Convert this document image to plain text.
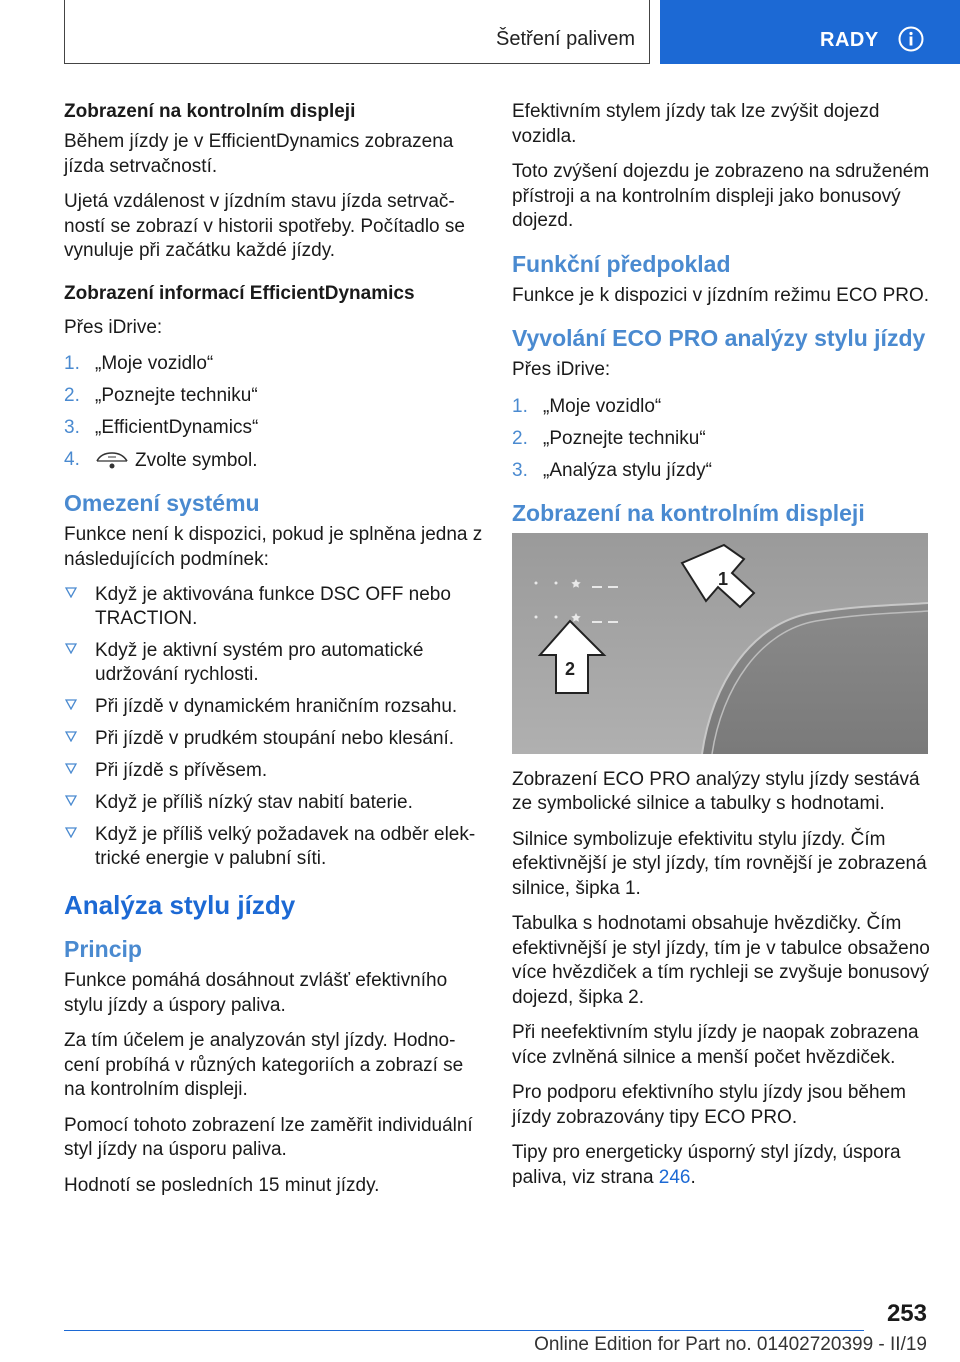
Šetření palivem	RADY
Zobrazení na kontrolním displeji

Během jízdy je v EfficientDynamics zobrazena jízda setrvačností.

Ujetá vzdálenost v jízdním stavu jízda setrvačností se zobrazí v historii spotřeby. Počítadlo se vynuluje při začátku každé jízdy.

Zobrazení informací EfficientDynamics

Přes iDrive:

1. „Moje vozidlo“
2. „Poznejte techniku“
3. „EfficientDynamics“
4.	Zvolte symbol.
Omezení systému

Funkce není k dispozici, pokud je splněna jedna z následujících podmínek:

Když je aktivována funkce DSC OFF nebo TRACTION.
Když je aktivní systém pro automatické udržování rychlosti.
Při jízdě v dynamickém hraničním rozsahu.
Při jízdě v prudkém stoupání nebo klesání.
Při jízdě s přívěsem.
Když je příliš nízký stav nabití baterie.
Když je příliš velký požadavek na odběr elektrické energie v palubní síti.
Analýza stylu jízdy
Princip

Funkce pomáhá dosáhnout zvlášť efektivního stylu jízdy a úspory paliva.

Za tím účelem je analyzován styl jízdy. Hodnocení probíhá v různých kategoriích a zobrazí se na kontrolním displeji.

Pomocí tohoto zobrazení lze zaměřit individuální styl jízdy na úsporu paliva.

Hodnotí se posledních 15 minut jízdy.

Efektivním stylem jízdy tak lze zvýšit dojezd vozidla.

Toto zvýšení dojezdu je zobrazeno na sdruženém přístroji a na kontrolním displeji jako bonusový dojezd.

Funkční předpoklad

Funkce je k dispozici v jízdním režimu ECO PRO.

Vyvolání ECO PRO analýzy stylu jízdy

Přes iDrive:

1. „Moje vozidlo“
2. „Poznejte techniku“
3. „Analýza stylu jízdy“
Zobrazení na kontrolním displeji
1
2

Zobrazení ECO PRO analýzy stylu jízdy sestává ze symbolické silnice a tabulky s hodnotami.

Silnice symbolizuje efektivitu stylu jízdy. Čím efektivnější je styl jízdy, tím rovnější je zobrazená silnice, šipka 1.

Tabulka s hodnotami obsahuje hvězdičky. Čím efektivnější je styl jízdy, tím je v tabulce obsaženo více hvězdiček a tím rychleji se zvyšuje bonusový dojezd, šipka 2.

Při neefektivním stylu jízdy je naopak zobrazena více zvlněná silnice a menší počet hvězdiček.

Pro podporu efektivního stylu jízdy jsou během jízdy zobrazovány tipy ECO PRO.

Tipy pro energeticky úsporný styl jízdy, úspora paliva, viz strana 246.

253
Online Edition for Part no. 01402720399 - II/19
